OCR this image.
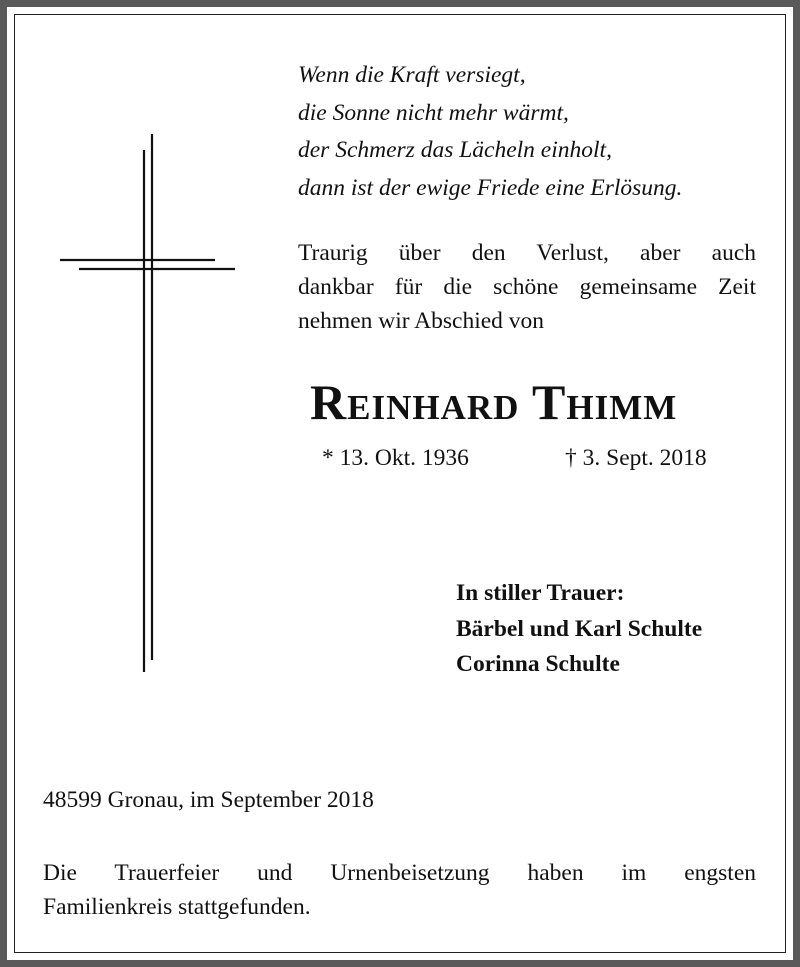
Wenn die Kraft versiegt,
die Sonne nicht mehr wärmt,
der Schmerz das Lächeln einholt,
dann ist der ewige Friede eine Erlösung.
Traurig über den Verlust, aber auch
dankbar für die schöne gemeinsame Zeit
nehmen wir Abschied von
Reinhard Thimm
* 13. Okt. 1936	† 3. Sept. 2018
In stiller Trauer:
Bärbel und Karl Schulte
Corinna Schulte
48599 Gronau, im September 2018
Die Trauerfeier und Urnenbeisetzung haben im engsten
Familienkreis stattgefunden.
